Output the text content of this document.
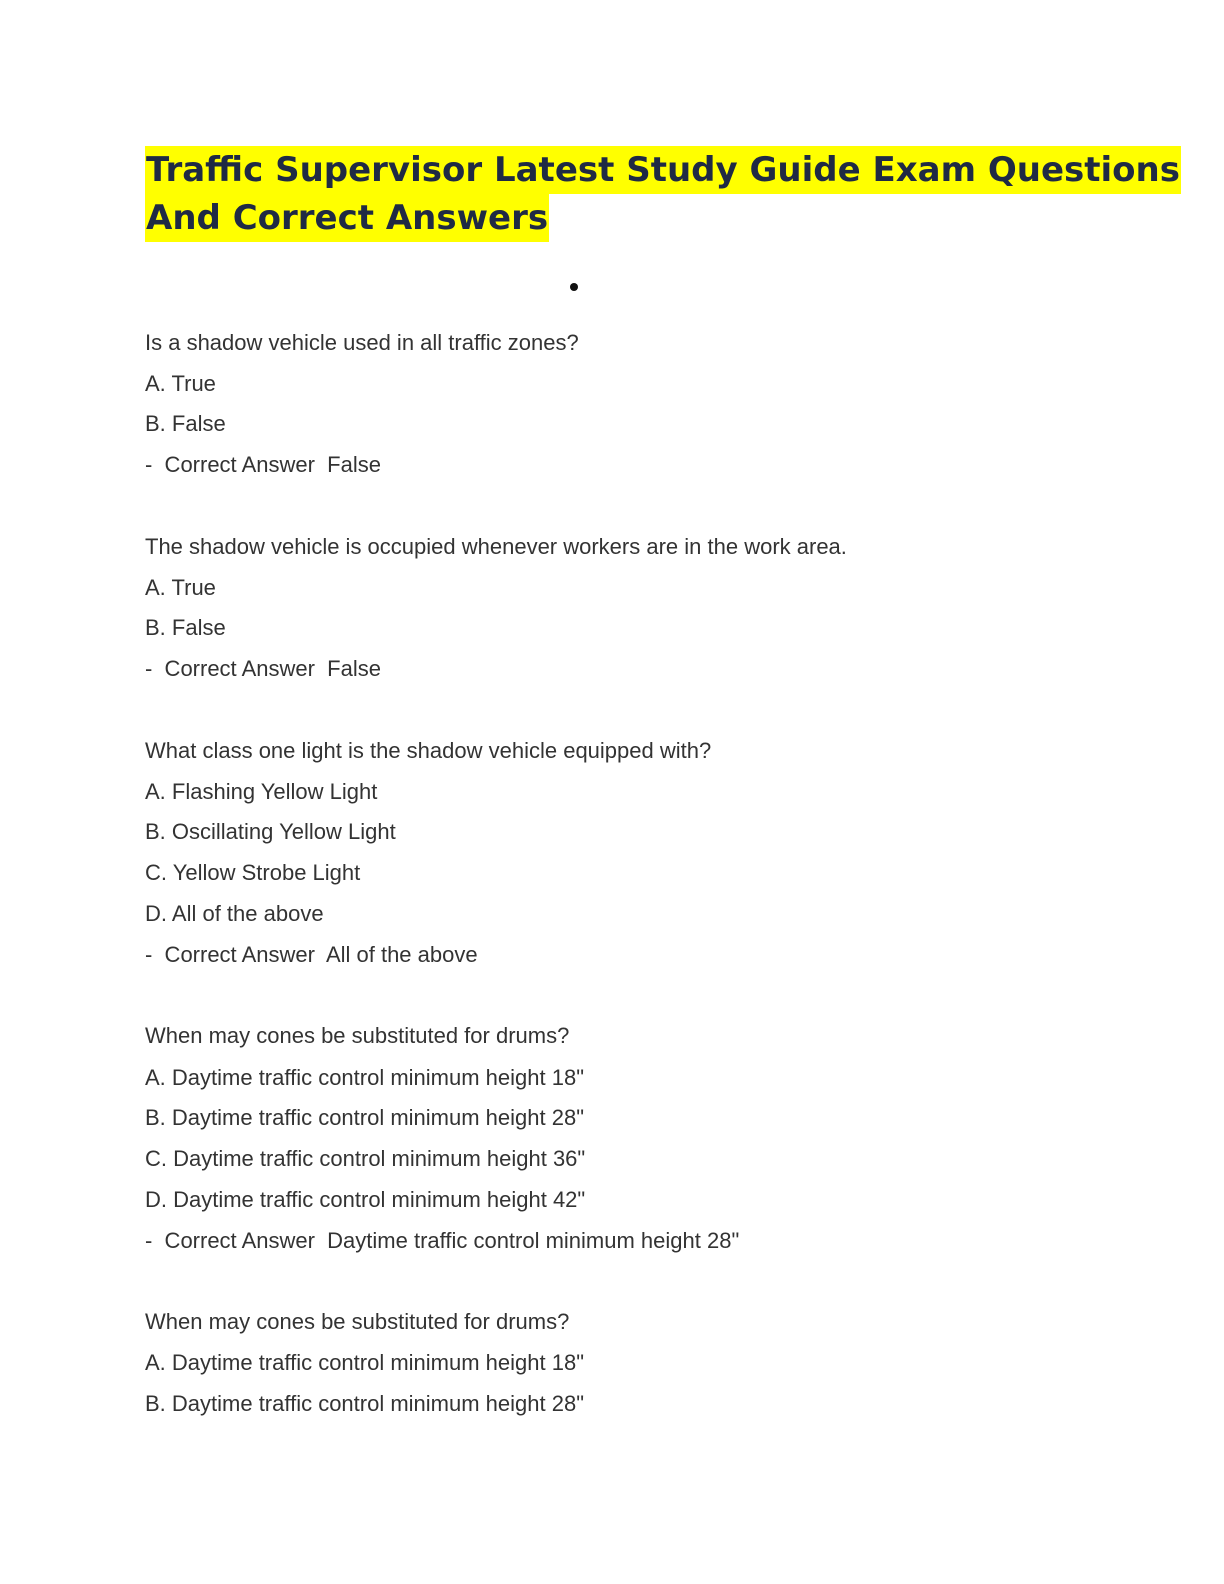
Traffic Supervisor Latest Study Guide Exam Questions
And Correct Answers
Is a shadow vehicle used in all traffic zones?
A. True
B. False
-  Correct Answer  False
The shadow vehicle is occupied whenever workers are in the work area.
A. True
B. False
-  Correct Answer  False
What class one light is the shadow vehicle equipped with?
A. Flashing Yellow Light
B. Oscillating Yellow Light
C. Yellow Strobe Light
D. All of the above
-  Correct Answer  All of the above
When may cones be substituted for drums?
A. Daytime traffic control minimum height 18"
B. Daytime traffic control minimum height 28"
C. Daytime traffic control minimum height 36"
D. Daytime traffic control minimum height 42"
-  Correct Answer  Daytime traffic control minimum height 28"
When may cones be substituted for drums?
A. Daytime traffic control minimum height 18"
B. Daytime traffic control minimum height 28"
